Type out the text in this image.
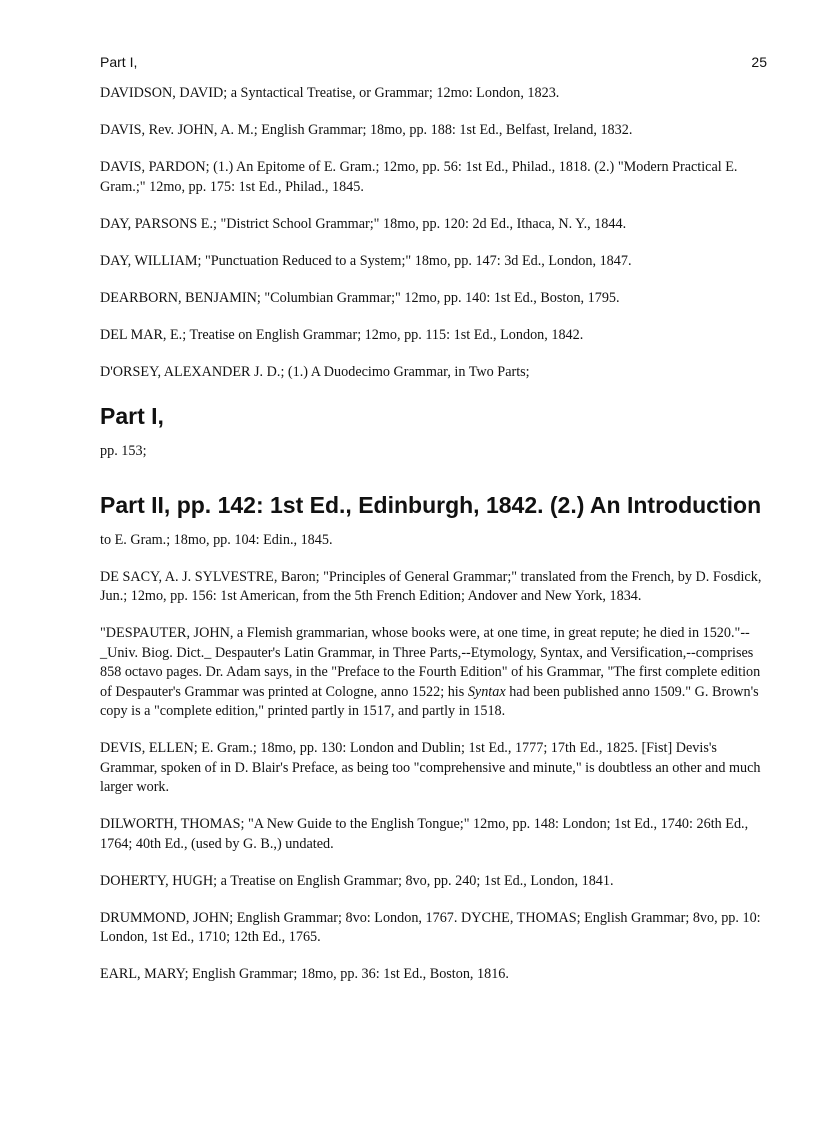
Part I,	25

DAVIDSON, DAVID; a Syntactical Treatise, or Grammar; 12mo: London, 1823.

DAVIS, Rev. JOHN, A. M.; English Grammar; 18mo, pp. 188: 1st Ed., Belfast, Ireland, 1832.

DAVIS, PARDON; (1.) An Epitome of E. Gram.; 12mo, pp. 56: 1st Ed., Philad., 1818. (2.) "Modern Practical E. Gram.;" 12mo, pp. 175: 1st Ed., Philad., 1845.

DAY, PARSONS E.; "District School Grammar;" 18mo, pp. 120: 2d Ed., Ithaca, N. Y., 1844.

DAY, WILLIAM; "Punctuation Reduced to a System;" 18mo, pp. 147: 3d Ed., London, 1847.

DEARBORN, BENJAMIN; "Columbian Grammar;" 12mo, pp. 140: 1st Ed., Boston, 1795.

DEL MAR, E.; Treatise on English Grammar; 12mo, pp. 115: 1st Ed., London, 1842.

D'ORSEY, ALEXANDER J. D.; (1.) A Duodecimo Grammar, in Two Parts;

Part I,

pp. 153;

Part II, pp. 142: 1st Ed., Edinburgh, 1842. (2.) An Introduction

to E. Gram.; 18mo, pp. 104: Edin., 1845.

DE SACY, A. J. SYLVESTRE, Baron; "Principles of General Grammar;" translated from the French, by D. Fosdick, Jun.; 12mo, pp. 156: 1st American, from the 5th French Edition; Andover and New York, 1834.

"DESPAUTER, JOHN, a Flemish grammarian, whose books were, at one time, in great repute; he died in 1520."--_Univ. Biog. Dict._ Despauter's Latin Grammar, in Three Parts,--Etymology, Syntax, and Versification,--comprises 858 octavo pages. Dr. Adam says, in the "Preface to the Fourth Edition" of his Grammar, "The first complete edition of Despauter's Grammar was printed at Cologne, anno 1522; his Syntax had been published anno 1509." G. Brown's copy is a "complete edition," printed partly in 1517, and partly in 1518.

DEVIS, ELLEN; E. Gram.; 18mo, pp. 130: London and Dublin; 1st Ed., 1777; 17th Ed., 1825. [Fist] Devis's Grammar, spoken of in D. Blair's Preface, as being too "comprehensive and minute," is doubtless an other and much larger work.

DILWORTH, THOMAS; "A New Guide to the English Tongue;" 12mo, pp. 148: London; 1st Ed., 1740: 26th Ed., 1764; 40th Ed., (used by G. B.,) undated.

DOHERTY, HUGH; a Treatise on English Grammar; 8vo, pp. 240; 1st Ed., London, 1841.

DRUMMOND, JOHN; English Grammar; 8vo: London, 1767. DYCHE, THOMAS; English Grammar; 8vo, pp. 10: London, 1st Ed., 1710; 12th Ed., 1765.

EARL, MARY; English Grammar; 18mo, pp. 36: 1st Ed., Boston, 1816.
